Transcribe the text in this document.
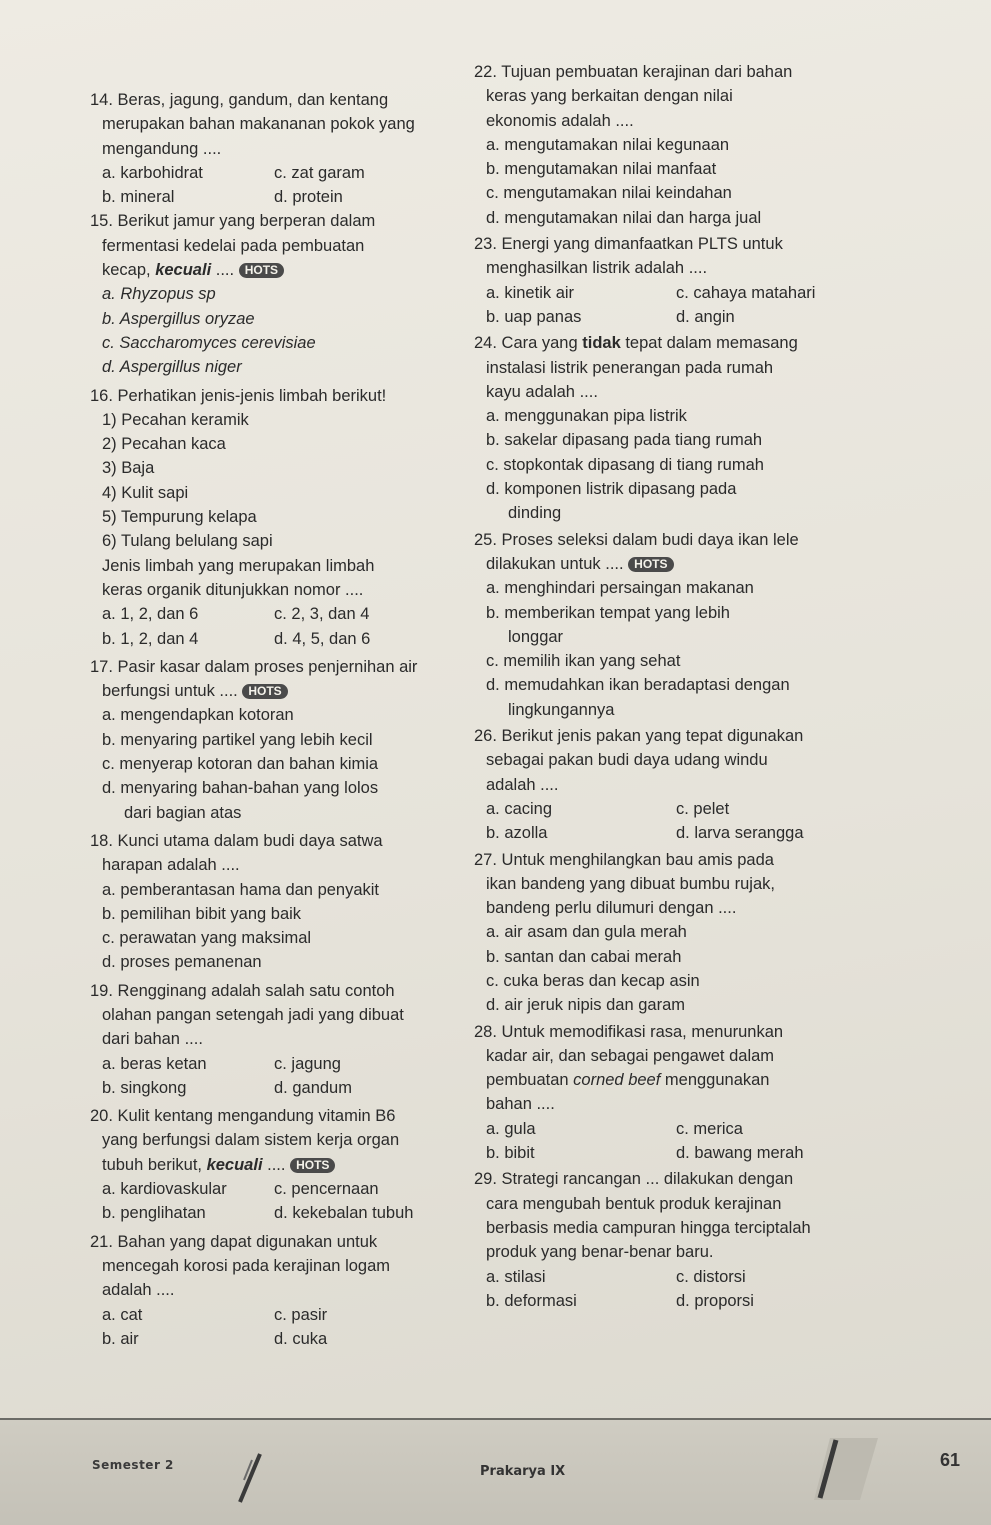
14. Beras, jagung, gandum, dan kentang
merupakan bahan makananan pokok yang
mengandung ....
a. karbohidrat	c. zat garam
b. mineral	d. protein
15. Berikut jamur yang berperan dalam
fermentasi kedelai pada pembuatan
kecap, kecuali .... HOTS
a. Rhyzopus sp
b. Aspergillus oryzae
c. Saccharomyces cerevisiae
d. Aspergillus niger
16. Perhatikan jenis-jenis limbah berikut!
1) Pecahan keramik
2) Pecahan kaca
3) Baja
4) Kulit sapi
5) Tempurung kelapa
6) Tulang belulang sapi
Jenis limbah yang merupakan limbah
keras organik ditunjukkan nomor ....
a. 1, 2, dan 6	c. 2, 3, dan 4
b. 1, 2, dan 4	d. 4, 5, dan 6
17. Pasir kasar dalam proses penjernihan air
berfungsi untuk .... HOTS
a. mengendapkan kotoran
b. menyaring partikel yang lebih kecil
c. menyerap kotoran dan bahan kimia
d. menyaring bahan-bahan yang lolos
dari bagian atas
18. Kunci utama dalam budi daya satwa
harapan adalah ....
a. pemberantasan hama dan penyakit
b. pemilihan bibit yang baik
c. perawatan yang maksimal
d. proses pemanenan
19. Rengginang adalah salah satu contoh
olahan pangan setengah jadi yang dibuat
dari bahan ....
a. beras ketan	c. jagung
b. singkong	d. gandum
20. Kulit kentang mengandung vitamin B6
yang berfungsi dalam sistem kerja organ
tubuh berikut, kecuali .... HOTS
a. kardiovaskular	c. pencernaan
b. penglihatan	d. kekebalan tubuh
21. Bahan yang dapat digunakan untuk
mencegah korosi pada kerajinan logam
adalah ....
a. cat	c. pasir
b. air	d. cuka
22. Tujuan pembuatan kerajinan dari bahan
keras yang berkaitan dengan nilai
ekonomis adalah ....
a. mengutamakan nilai kegunaan
b. mengutamakan nilai manfaat
c. mengutamakan nilai keindahan
d. mengutamakan nilai dan harga jual
23. Energi yang dimanfaatkan PLTS untuk
menghasilkan listrik adalah ....
a. kinetik air	c. cahaya matahari
b. uap panas	d. angin
24. Cara yang tidak tepat dalam memasang
instalasi listrik penerangan pada rumah
kayu adalah ....
a. menggunakan pipa listrik
b. sakelar dipasang pada tiang rumah
c. stopkontak dipasang di tiang rumah
d. komponen listrik dipasang pada
dinding
25. Proses seleksi dalam budi daya ikan lele
dilakukan untuk .... HOTS
a. menghindari persaingan makanan
b. memberikan tempat yang lebih
longgar
c. memilih ikan yang sehat
d. memudahkan ikan beradaptasi dengan
lingkungannya
26. Berikut jenis pakan yang tepat digunakan
sebagai pakan budi daya udang windu
adalah ....
a. cacing	c. pelet
b. azolla	d. larva serangga
27. Untuk menghilangkan bau amis pada
ikan bandeng yang dibuat bumbu rujak,
bandeng perlu dilumuri dengan ....
a. air asam dan gula merah
b. santan dan cabai merah
c. cuka beras dan kecap asin
d. air jeruk nipis dan garam
28. Untuk memodifikasi rasa, menurunkan
kadar air, dan sebagai pengawet dalam
pembuatan corned beef menggunakan
bahan ....
a. gula	c. merica
b. bibit	d. bawang merah
29. Strategi rancangan ... dilakukan dengan
cara mengubah bentuk produk kerajinan
berbasis media campuran hingga terciptalah
produk yang benar-benar baru.
a. stilasi	c. distorsi
b. deformasi	d. proporsi
Semester 2	Prakarya IX
61
